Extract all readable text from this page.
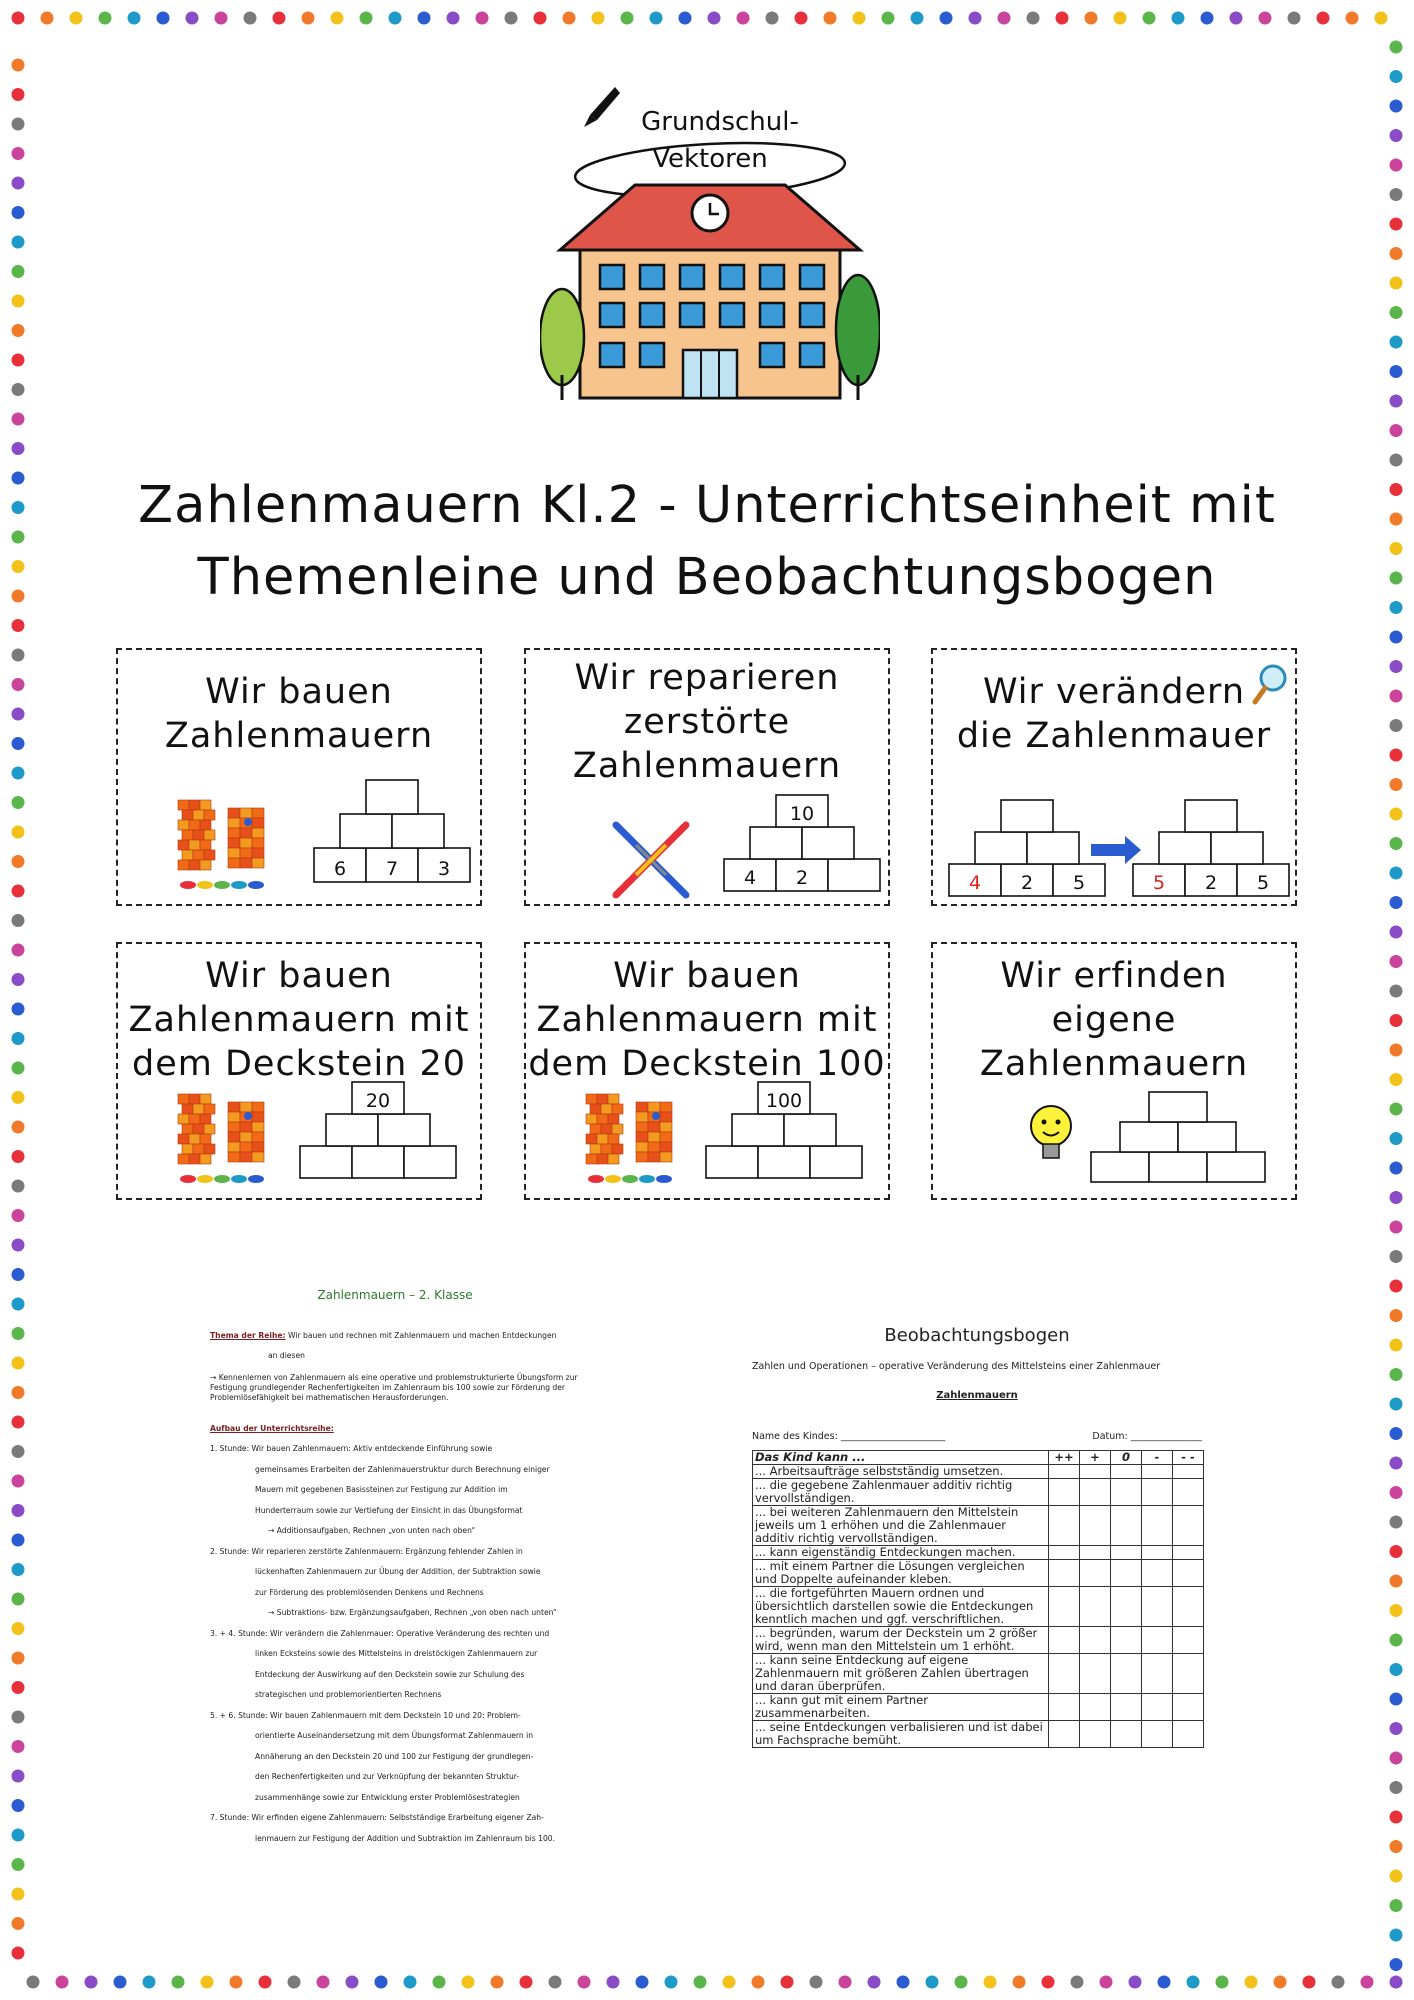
Grundschul-
Vektoren
Zahlenmauern Kl.2 - Unterrichtseinheit mit
Themenleine und Beobachtungsbogen
6 7 3
Wir bauen
Zahlenmauern
4 2
10
Wir reparieren
zerstörte
Zahlenmauern
4 2 5	5 2 5
Wir verändern
die Zahlenmauer
20
Wir bauen
Zahlenmauern mit
dem Deckstein 20
100
Wir bauen
Zahlenmauern mit
dem Deckstein 100
Wir erfinden
eigene
Zahlenmauern
Zahlenmauern – 2. Klasse

Thema der Reihe: Wir bauen und rechnen mit Zahlenmauern und machen Entdeckungen

an diesen

→ Kennenlernen von Zahlenmauern als eine operative und problemstrukturierte Übungsform zur Festigung grundlegender Rechenfertigkeiten im Zahlenraum bis 100 sowie zur Förderung der Problemlösefähigkeit bei mathematischen Herausforderungen.

Aufbau der Unterrichtsreihe:

1. Stunde: Wir bauen Zahlenmauern: Aktiv entdeckende Einführung sowie

gemeinsames Erarbeiten der Zahlenmauerstruktur durch Berechnung einiger

Mauern mit gegebenen Basissteinen zur Festigung zur Addition im

Hunderterraum sowie zur Vertiefung der Einsicht in das Übungsformat

→ Additionsaufgaben, Rechnen „von unten nach oben“

2. Stunde: Wir reparieren zerstörte Zahlenmauern: Ergänzung fehlender Zahlen in

lückenhaften Zahlenmauern zur Übung der Addition, der Subtraktion sowie

zur Förderung des problemlösenden Denkens und Rechnens

→ Subtraktions- bzw. Ergänzungsaufgaben, Rechnen „von oben nach unten“

3. + 4. Stunde: Wir verändern die Zahlenmauer: Operative Veränderung des rechten und

linken Ecksteins sowie des Mittelsteins in dreistöckigen Zahlenmauern zur

Entdeckung der Auswirkung auf den Deckstein sowie zur Schulung des

strategischen und problemorientierten Rechnens

5. + 6. Stunde: Wir bauen Zahlenmauern mit dem Deckstein 10 und 20: Problem-

orientierte Auseinandersetzung mit dem Übungsformat Zahlenmauern in

Annäherung an den Deckstein 20 und 100 zur Festigung der grundlegen-

den Rechenfertigkeiten und zur Verknüpfung der bekannten Struktur-

zusammenhänge sowie zur Entwicklung erster Problemlösestrategien

7. Stunde: Wir erfinden eigene Zahlenmauern: Selbstständige Erarbeitung eigener Zah-

lenmauern zur Festigung der Addition und Subtraktion im Zahlenraum bis 100.

Beobachtungsbogen
Zahlen und Operationen – operative Veränderung des Mittelsteins einer Zahlenmauer
Zahlenmauern
Name des Kindes: ______________________	Datum: _______________
Das Kind kann ...	++	+	0	-	- -
... Arbeitsaufträge selbstständig umsetzen.					
... die gegebene Zahlenmauer additiv richtig vervollständigen.					
... bei weiteren Zahlenmauern den Mittelstein jeweils um 1 erhöhen und die Zahlenmauer additiv richtig vervollständigen.					
... kann eigenständig Entdeckungen machen.					
... mit einem Partner die Lösungen vergleichen und Doppelte aufeinander kleben.					
... die fortgeführten Mauern ordnen und übersichtlich darstellen sowie die Entdeckungen kenntlich machen und ggf. verschriftlichen.					
... begründen, warum der Deckstein um 2 größer wird, wenn man den Mittelstein um 1 erhöht.					
... kann seine Entdeckung auf eigene Zahlenmauern mit größeren Zahlen übertragen und daran überprüfen.					
... kann gut mit einem Partner zusammenarbeiten.					
... seine Entdeckungen verbalisieren und ist dabei um Fachsprache bemüht.					
